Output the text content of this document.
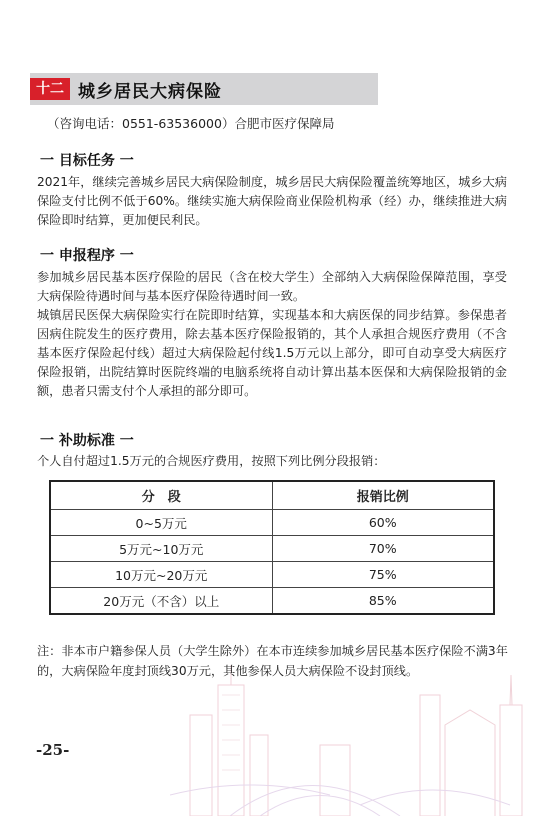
十二 城乡居民大病保险
（咨询电话：0551-63536000）合肥市医疗保障局
一 目标任务 一

2021年，继续完善城乡居民大病保险制度，城乡居民大病保险覆盖统筹地区，城乡大病保险支付比例不低于60%。继续实施大病保险商业保险机构承（经）办，继续推进大病保险即时结算，更加便民利民。

一 申报程序 一

参加城乡居民基本医疗保险的居民（含在校大学生）全部纳入大病保险保障范围，享受大病保险待遇时间与基本医疗保险待遇时间一致。

城镇居民医保大病保险实行在院即时结算，实现基本和大病医保的同步结算。参保患者因病住院发生的医疗费用，除去基本医疗保险报销的，其个人承担合规医疗费用（不含基本医疗保险起付线）超过大病保险起付线1.5万元以上部分，即可自动享受大病医疗保险报销，出院结算时医院终端的电脑系统将自动计算出基本医保和大病保险报销的金额，患者只需支付个人承担的部分即可。

一 补助标准 一
个人自付超过1.5万元的合规医疗费用，按照下列比例分段报销：
分　段	报销比例
0~5万元	60%
5万元~10万元	70%
10万元~20万元	75%
20万元（不含）以上	85%
注：非本市户籍参保人员（大学生除外）在本市连续参加城乡居民基本医疗保险不满3年的，大病保险年度封顶线30万元，其他参保人员大病保险不设封顶线。
-25-
